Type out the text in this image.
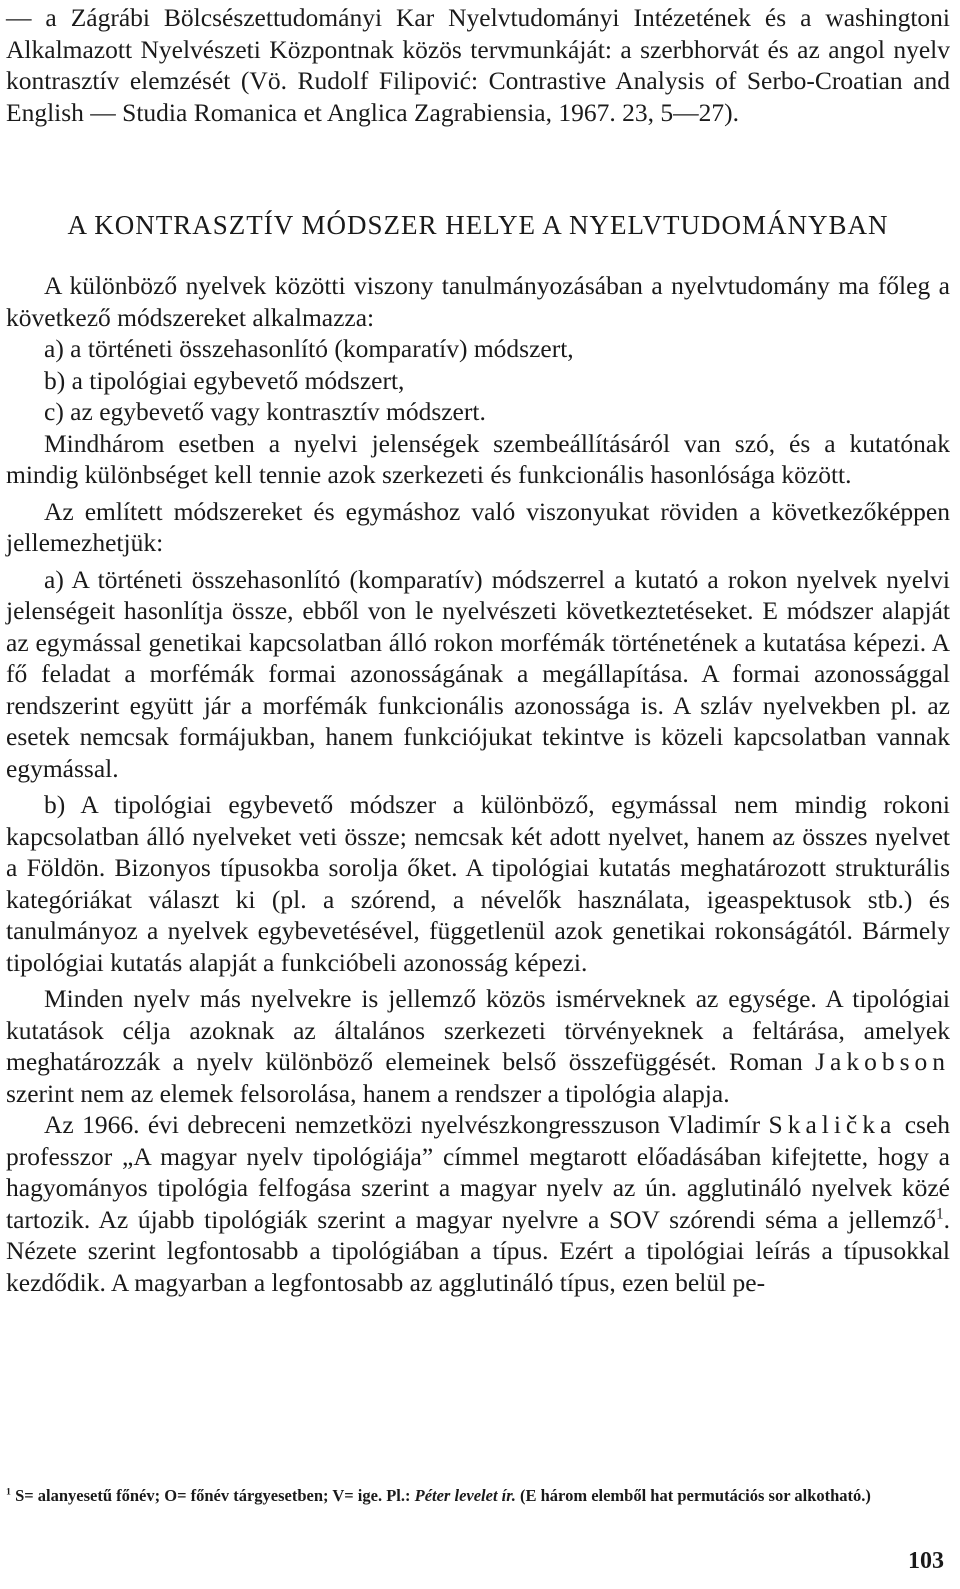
— a Zágrábi Bölcsészettudományi Kar Nyelvtudományi Intézetének és a washingtoni Alkalmazott Nyelvészeti Központnak közös tervmunkáját: a szerbhorvát és az angol nyelv kontrasztív elemzését (Vö. Rudolf Filipović: Contrastive Analysis of Serbo-Croatian and English — Studia Romanica et Anglica Zagrabiensia, 1967. 23, 5—27).

A KONTRASZTÍV MÓDSZER HELYE A NYELVTUDOMÁNYBAN

A különböző nyelvek közötti viszony tanulmányozásában a nyelvtudomány ma főleg a következő módszereket alkalmazza:

a) a történeti összehasonlító (komparatív) módszert,

b) a tipológiai egybevető módszert,

c) az egybevető vagy kontrasztív módszert.

Mindhárom esetben a nyelvi jelenségek szembeállításáról van szó, és a kutatónak mindig különbséget kell tennie azok szerkezeti és funkcionális hasonlósága között.

Az említett módszereket és egymáshoz való viszonyukat röviden a következőképpen jellemezhetjük:

a) A történeti összehasonlító (komparatív) módszerrel a kutató a rokon nyelvek nyelvi jelenségeit hasonlítja össze, ebből von le nyelvészeti következtetéseket. E módszer alapját az egymással genetikai kapcsolatban álló rokon morfémák történetének a kutatása képezi. A fő feladat a morfémák formai azonosságának a megállapítása. A formai azonossággal rendszerint együtt jár a morfémák funkcionális azonossága is. A szláv nyelvekben pl. az esetek nemcsak formájukban, hanem funkciójukat tekintve is közeli kapcsolatban vannak egymással.

b) A tipológiai egybevető módszer a különböző, egymással nem mindig rokoni kapcsolatban álló nyelveket veti össze; nemcsak két adott nyelvet, hanem az összes nyelvet a Földön. Bizonyos típusokba sorolja őket. A tipológiai kutatás meghatározott strukturális kategóriákat választ ki (pl. a szórend, a névelők használata, igeaspektusok stb.) és tanulmányoz a nyelvek egybevetésével, függetlenül azok genetikai rokonságától. Bármely tipológiai kutatás alapját a funkcióbeli azonosság képezi.

Minden nyelv más nyelvekre is jellemző közös ismérveknek az egysége. A tipológiai kutatások célja azoknak az általános szerkezeti törvényeknek a feltárása, amelyek meghatározzák a nyelv különböző elemeinek belső összefüggését. Roman Jakobson szerint nem az elemek felsorolása, hanem a rendszer a tipológia alapja.

Az 1966. évi debreceni nemzetközi nyelvészkongresszuson Vladimír Skalička cseh professzor „A magyar nyelv tipológiája” címmel megtarott előadásában kifejtette, hogy a hagyományos tipológia felfogása szerint a magyar nyelv az ún. agglutináló nyelvek közé tartozik. Az újabb tipológiák szerint a magyar nyelvre a SOV szórendi séma a jellemző$^1$. Nézete szerint legfontosabb a tipológiában a típus. Ezért a tipológiai leírás a típusokkal kezdődik. A magyarban a legfontosabb az agglutináló típus, ezen belül pe-

$^1$ S= alanyesetű főnév; O= főnév tárgyesetben; V= ige. Pl.: Péter levelet ír. (E három elemből hat permutációs sor alkotható.)

103
